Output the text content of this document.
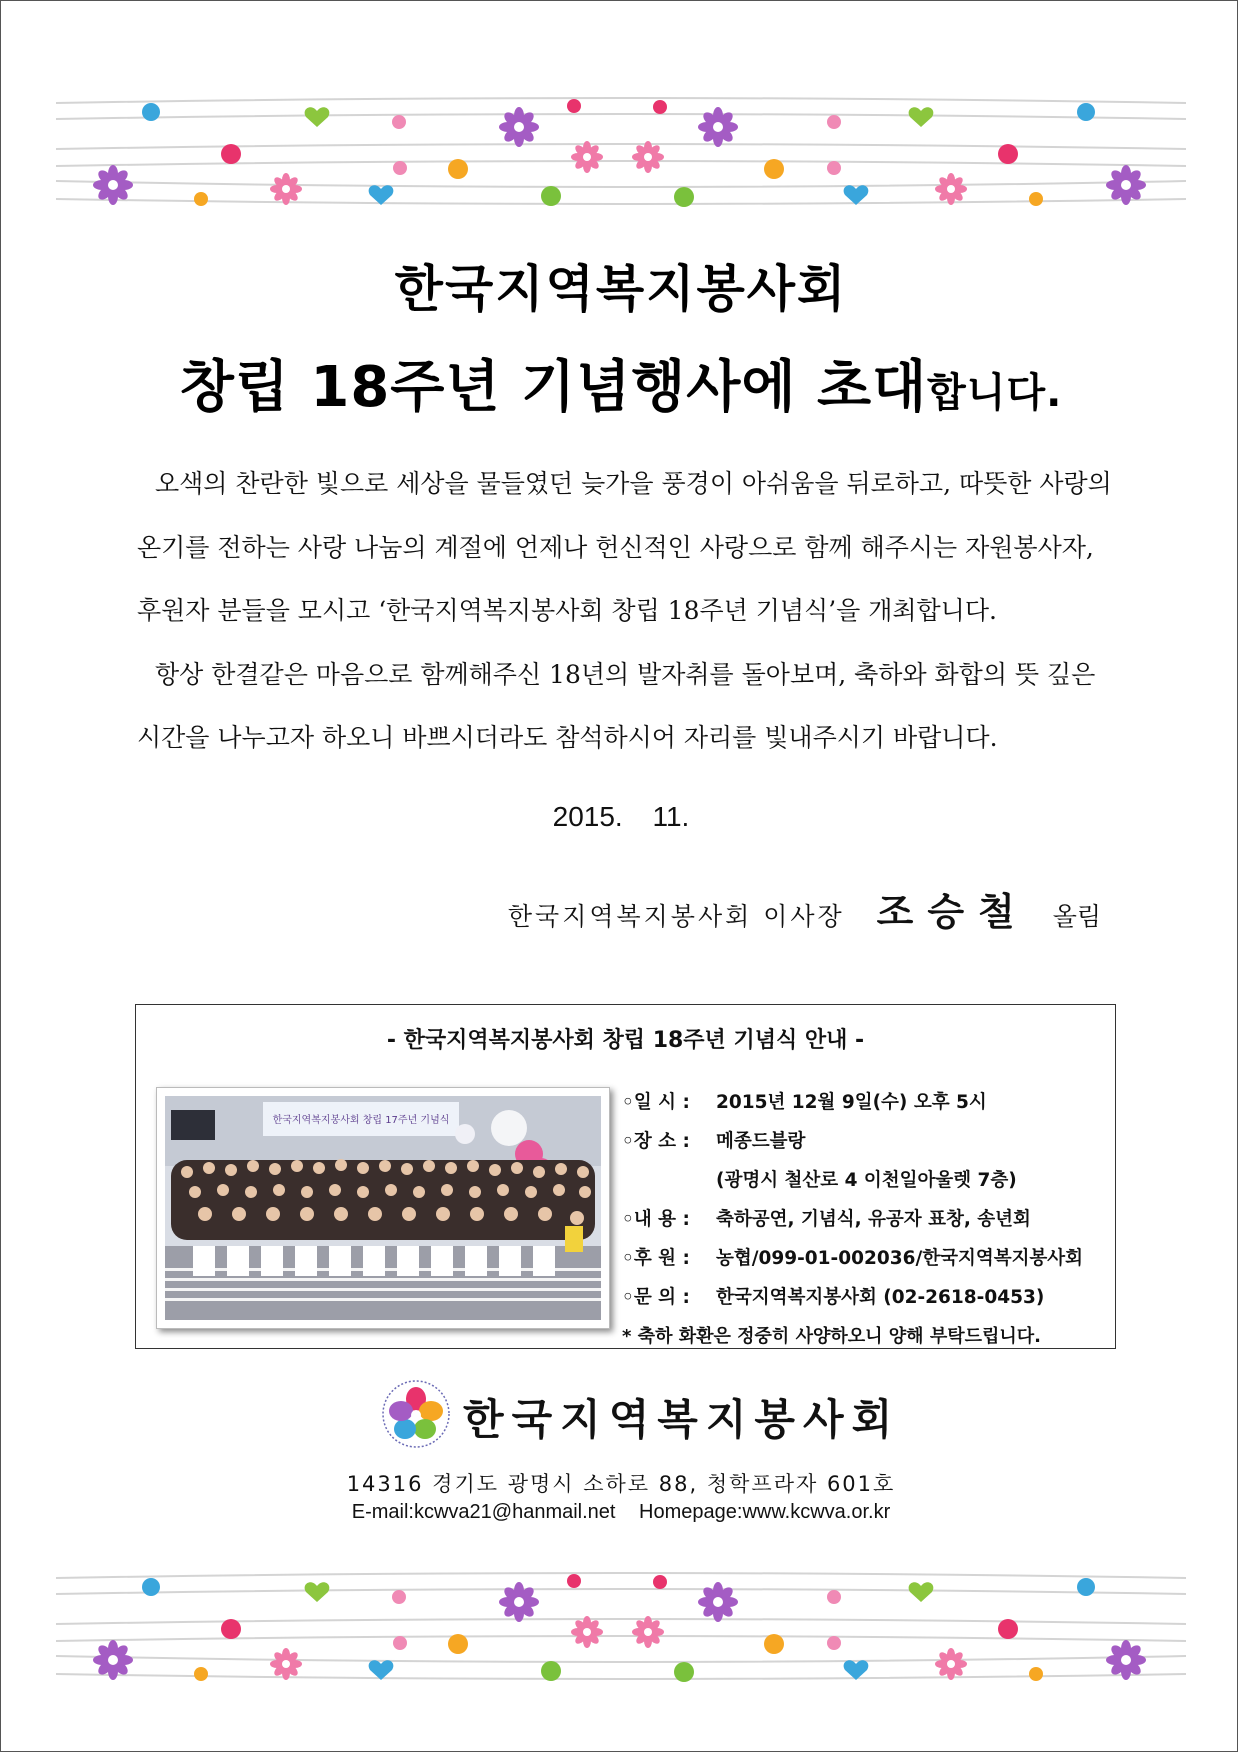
한국지역복지봉사회
창립 18주년 기념행사에 초대합니다.
오색의 찬란한 빛으로 세상을 물들였던 늦가을 풍경이 아쉬움을 뒤로하고, 따뜻한 사랑의
온기를 전하는 사랑 나눔의 계절에 언제나 헌신적인 사랑으로 함께 해주시는 자원봉사자,
후원자 분들을 모시고 ‘한국지역복지봉사회 창립 18주년 기념식’을 개최합니다.
항상 한결같은 마음으로 함께해주신 18년의 발자취를 돌아보며, 축하와 화합의 뜻 깊은
시간을 나누고자 하오니 바쁘시더라도 참석하시어 자리를 빛내주시기 바랍니다.
2015. 11.
한국지역복지봉사회 이사장 조승철 올림
- 한국지역복지봉사회 창립 18주년 기념식 안내 -
한국지역복지봉사회 창립 17주년 기념식
◦일 시 : 2015년 12월 9일(수) 오후 5시
◦장 소 : 메종드블랑
(광명시 철산로 4 이천일아울렛 7층)
◦내 용 : 축하공연, 기념식, 유공자 표창, 송년회
◦후 원 : 농협/099-01-002036/한국지역복지봉사회
◦문 의 : 한국지역복지봉사회 (02-2618-0453)
* 축하 화환은 정중히 사양하오니 양해 부탁드립니다.
한국지역복지봉사회
14316 경기도 광명시 소하로 88, 청학프라자 601호
E-mail:kcwva21@hanmail.net Homepage:www.kcwva.or.kr
